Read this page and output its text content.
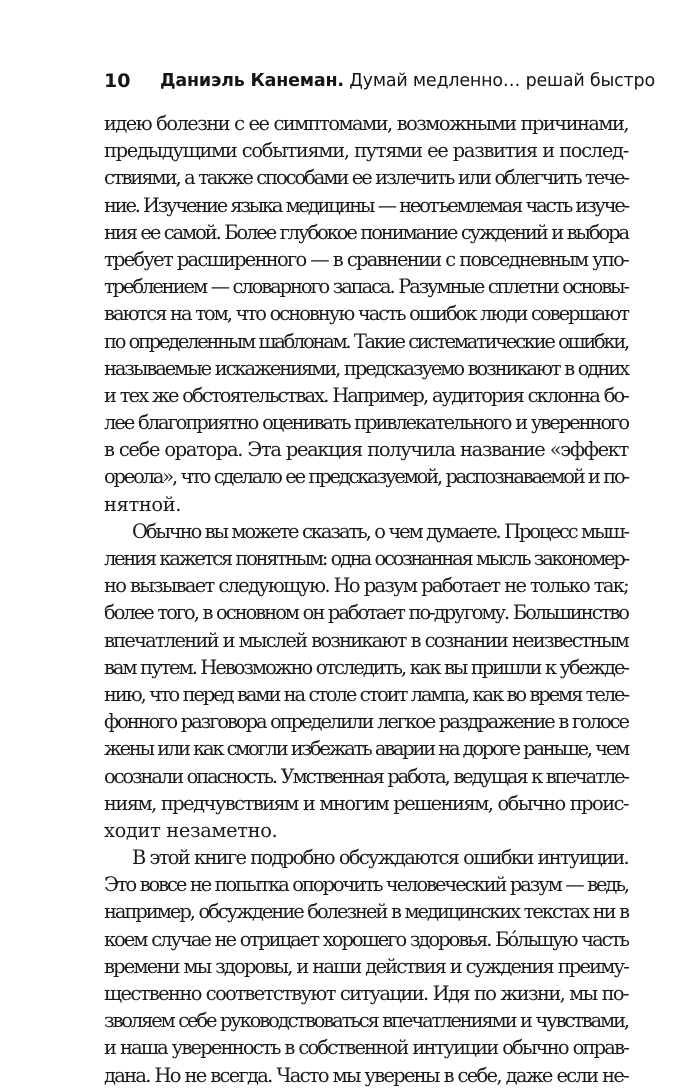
10 Даниэль Канеман. Думай медленно… решай быстро
идею болезни с ее симптомами, возможными причинами,
предыдущими событиями, путями ее развития и послед-
ствиями, а также способами ее излечить или облегчить тече-
ние. Изучение языка медицины — неотъемлемая часть изуче-
ния ее самой. Более глубокое понимание суждений и выбора
требует расширенного — в сравнении с повседневным упо-
треблением — словарного запаса. Разумные сплетни основы-
ваются на том, что основную часть ошибок люди совершают
по определенным шаблонам. Такие систематические ошибки,
называемые искажениями, предсказуемо возникают в одних
и тех же обстоятельствах. Например, аудитория склонна бо-
лее благоприятно оценивать привлекательного и уверенного
в себе оратора. Эта реакция получила название «эффект
ореола», что сделало ее предсказуемой, распознаваемой и по-
нятной.
Обычно вы можете сказать, о чем думаете. Процесс мыш-
ления кажется понятным: одна осознанная мысль закономер-
но вызывает следующую. Но разум работает не только так;
более того, в основном он работает по-другому. Большинство
впечатлений и мыслей возникают в сознании неизвестным
вам путем. Невозможно отследить, как вы пришли к убежде-
нию, что перед вами на столе стоит лампа, как во время теле-
фонного разговора определили легкое раздражение в голосе
жены или как смогли избежать аварии на дороге раньше, чем
осознали опасность. Умственная работа, ведущая к впечатле-
ниям, предчувствиям и многим решениям, обычно проис-
ходит незаметно.
В этой книге подробно обсуждаются ошибки интуиции.
Это вовсе не попытка опорочить человеческий разум — ведь,
например, обсуждение болезней в медицинских текстах ни в
коем случае не отрицает хорошего здоровья. Бóльшую часть
времени мы здоровы, и наши действия и суждения преиму-
щественно соответствуют ситуации. Идя по жизни, мы по-
зволяем себе руководствоваться впечатлениями и чувствами,
и наша уверенность в собственной интуиции обычно оправ-
дана. Но не всегда. Часто мы уверены в себе, даже если не-
